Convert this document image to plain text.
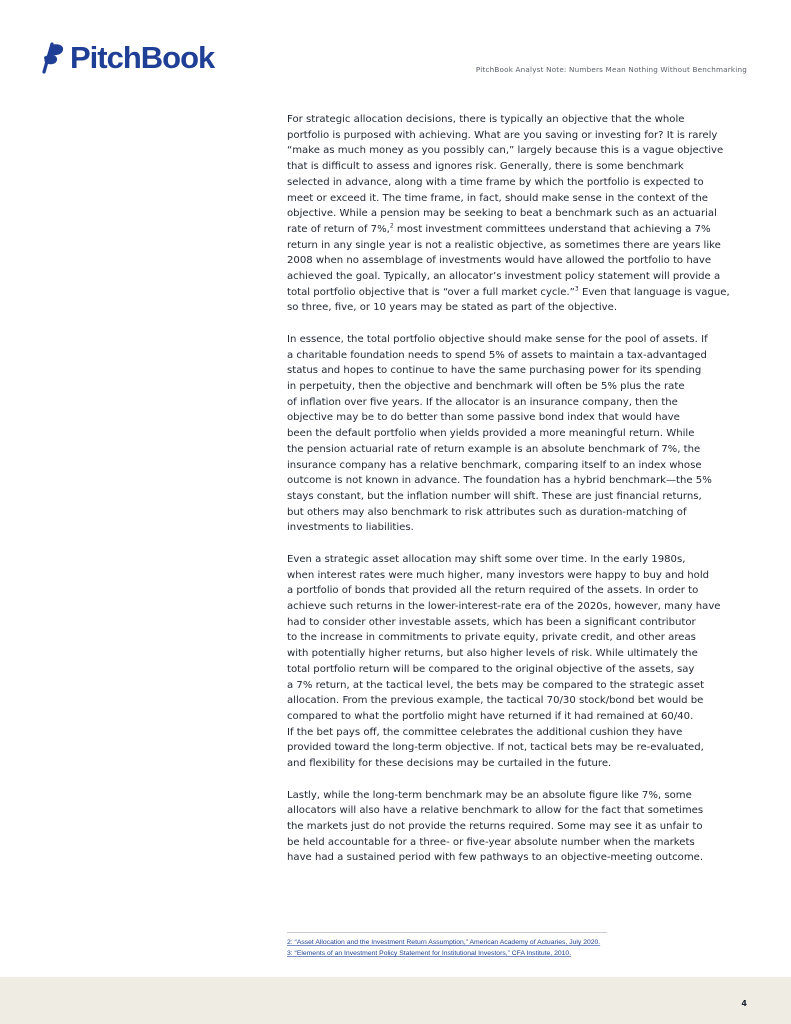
PitchBook	PitchBook Analyst Note: Numbers Mean Nothing Without Benchmarking

For strategic allocation decisions, there is typically an objective that the whole
portfolio is purposed with achieving. What are you saving or investing for? It is rarely
“make as much money as you possibly can,” largely because this is a vague objective
that is difficult to assess and ignores risk. Generally, there is some benchmark
selected in advance, along with a time frame by which the portfolio is expected to
meet or exceed it. The time frame, in fact, should make sense in the context of the
objective. While a pension may be seeking to beat a benchmark such as an actuarial
rate of return of 7%,$^2$ most investment committees understand that achieving a 7%
return in any single year is not a realistic objective, as sometimes there are years like
2008 when no assemblage of investments would have allowed the portfolio to have
achieved the goal. Typically, an allocator’s investment policy statement will provide a
total portfolio objective that is “over a full market cycle.”$^3$ Even that language is vague,
so three, five, or 10 years may be stated as part of the objective.

In essence, the total portfolio objective should make sense for the pool of assets. If
a charitable foundation needs to spend 5% of assets to maintain a tax-advantaged
status and hopes to continue to have the same purchasing power for its spending
in perpetuity, then the objective and benchmark will often be 5% plus the rate
of inflation over five years. If the allocator is an insurance company, then the
objective may be to do better than some passive bond index that would have
been the default portfolio when yields provided a more meaningful return. While
the pension actuarial rate of return example is an absolute benchmark of 7%, the
insurance company has a relative benchmark, comparing itself to an index whose
outcome is not known in advance. The foundation has a hybrid benchmark—the 5%
stays constant, but the inflation number will shift. These are just financial returns,
but others may also benchmark to risk attributes such as duration-matching of
investments to liabilities.

Even a strategic asset allocation may shift some over time. In the early 1980s,
when interest rates were much higher, many investors were happy to buy and hold
a portfolio of bonds that provided all the return required of the assets. In order to
achieve such returns in the lower-interest-rate era of the 2020s, however, many have
had to consider other investable assets, which has been a significant contributor
to the increase in commitments to private equity, private credit, and other areas
with potentially higher returns, but also higher levels of risk. While ultimately the
total portfolio return will be compared to the original objective of the assets, say
a 7% return, at the tactical level, the bets may be compared to the strategic asset
allocation. From the previous example, the tactical 70/30 stock/bond bet would be
compared to what the portfolio might have returned if it had remained at 60/40.
If the bet pays off, the committee celebrates the additional cushion they have
provided toward the long-term objective. If not, tactical bets may be re-evaluated,
and flexibility for these decisions may be curtailed in the future.

Lastly, while the long-term benchmark may be an absolute figure like 7%, some
allocators will also have a relative benchmark to allow for the fact that sometimes
the markets just do not provide the returns required. Some may see it as unfair to
be held accountable for a three- or five-year absolute number when the markets
have had a sustained period with few pathways to an objective-meeting outcome.

2: “Asset Allocation and the Investment Return Assumption,” American Academy of Actuaries, July 2020.
3: “Elements of an Investment Policy Statement for Institutional Investors,” CFA Institute, 2010.
4
